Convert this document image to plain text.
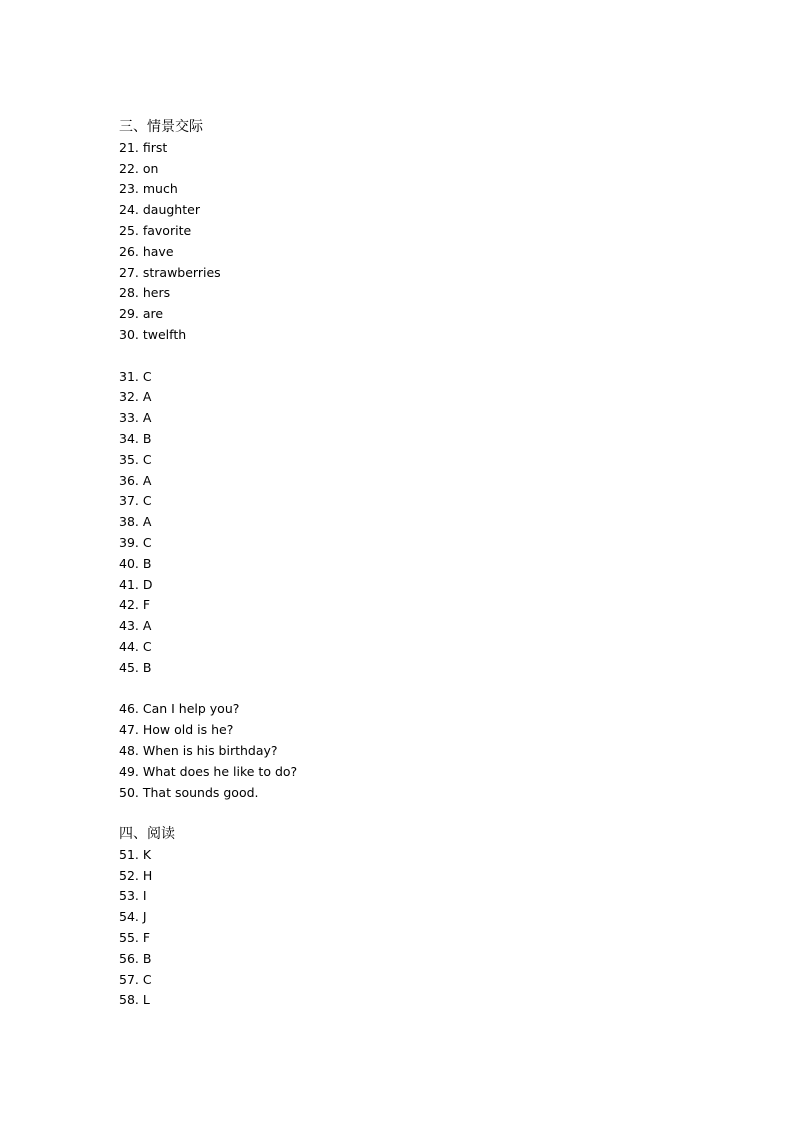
三、情景交际
21. first
22. on
23. much
24. daughter
25. favorite
26. have
27. strawberries
28. hers
29. are
30. twelfth
31. C
32. A
33. A
34. B
35. C
36. A
37. C
38. A
39. C
40. B
41. D
42. F
43. A
44. C
45. B
46. Can I help you?
47. How old is he?
48. When is his birthday?
49. What does he like to do?
50. That sounds good.
四、阅读
51. K
52. H
53. I
54. J
55. F
56. B
57. C
58. L
